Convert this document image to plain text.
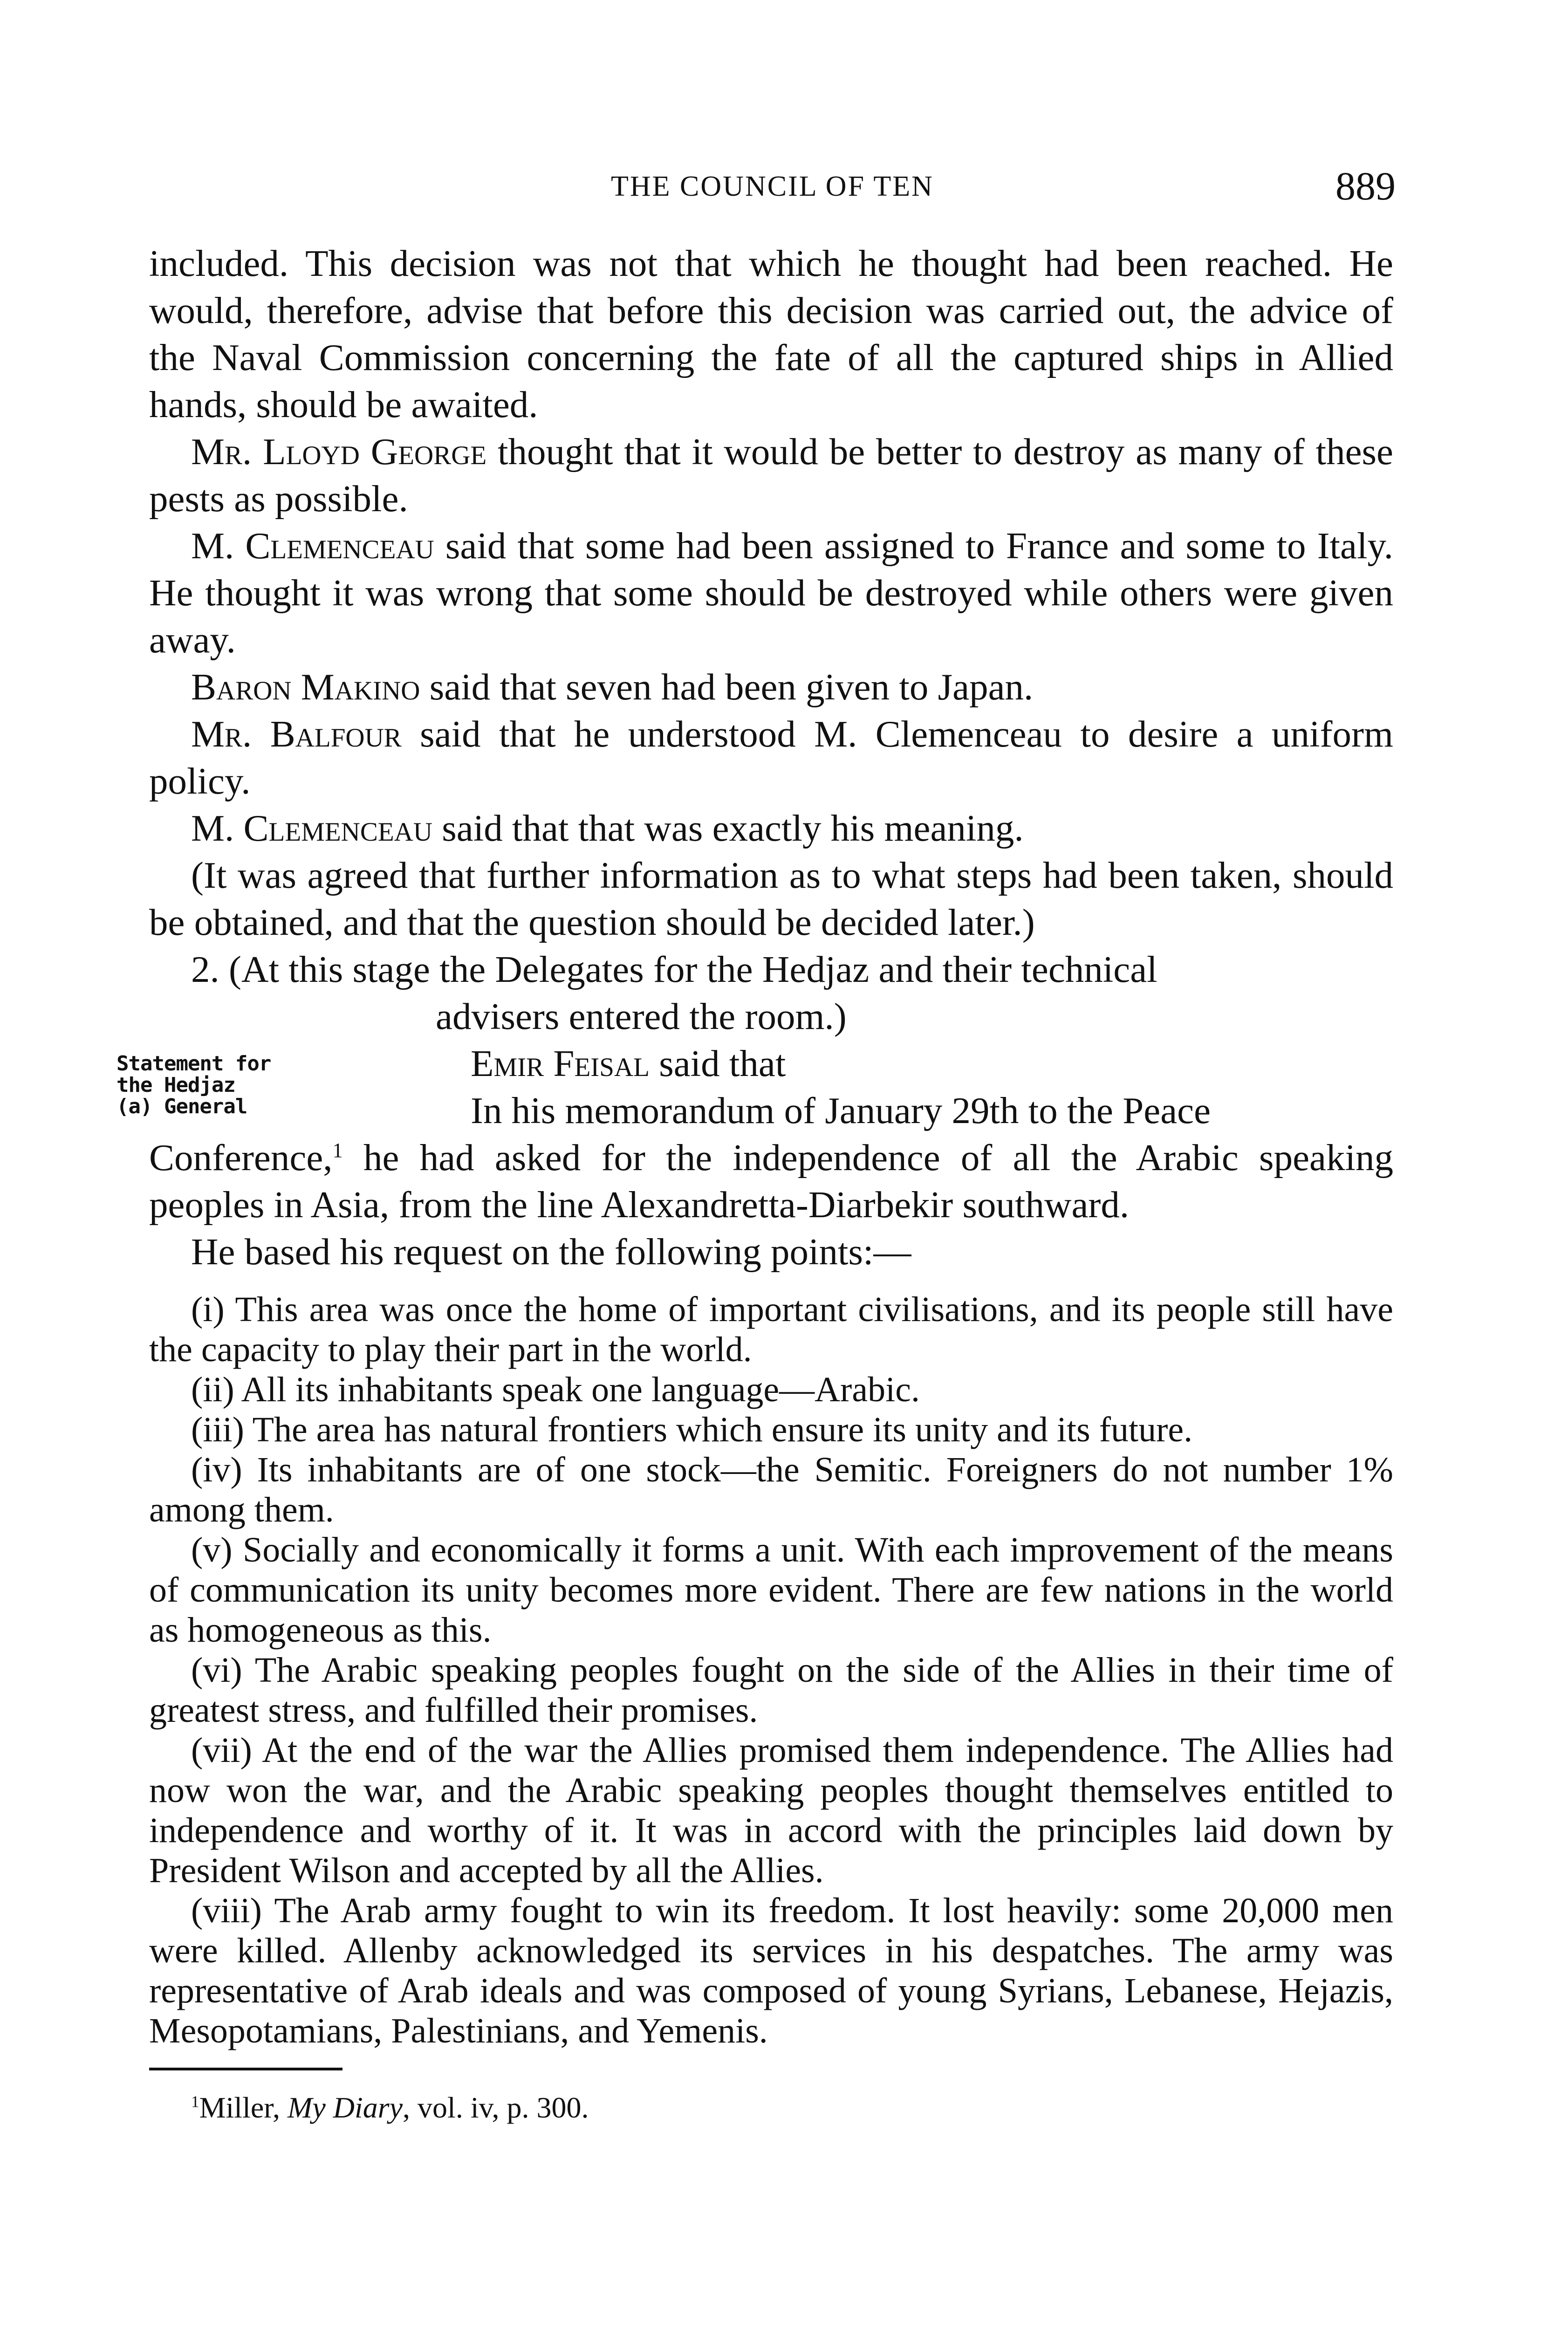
THE COUNCIL OF TEN	889

included. This decision was not that which he thought had been reached. He would, therefore, advise that before this decision was carried out, the advice of the Naval Commission concerning the fate of all the captured ships in Allied hands, should be awaited.

Mr. Lloyd George thought that it would be better to destroy as many of these pests as possible.

M. Clemenceau said that some had been assigned to France and some to Italy. He thought it was wrong that some should be destroyed while others were given away.

Baron Makino said that seven had been given to Japan.

Mr. Balfour said that he understood M. Clemenceau to desire a uniform policy.

M. Clemenceau said that that was exactly his meaning.

(It was agreed that further information as to what steps had been taken, should be obtained, and that the question should be decided later.)

2. (At this stage the Delegates for the Hedjaz and their technical
advisers entered the room.)
Statement for
the Hedjaz
(a) General

Emir Feisal said that

In his memorandum of January 29th to the Peace

Conference,$^1$ he had asked for the independence of all the Arabic speaking peoples in Asia, from the line Alexandretta-Diarbekir southward.

He based his request on the following points:—

(i) This area was once the home of important civilisations, and its people still have the capacity to play their part in the world.

(ii) All its inhabitants speak one language—Arabic.

(iii) The area has natural frontiers which ensure its unity and its future.

(iv) Its inhabitants are of one stock—the Semitic. Foreigners do not number 1% among them.

(v) Socially and economically it forms a unit. With each improvement of the means of communication its unity becomes more evident. There are few nations in the world as homogeneous as this.

(vi) The Arabic speaking peoples fought on the side of the Allies in their time of greatest stress, and fulfilled their promises.

(vii) At the end of the war the Allies promised them independence. The Allies had now won the war, and the Arabic speaking peoples thought themselves entitled to independence and worthy of it. It was in accord with the principles laid down by President Wilson and accepted by all the Allies.

(viii) The Arab army fought to win its freedom. It lost heavily: some 20,000 men were killed. Allenby acknowledged its services in his despatches. The army was representative of Arab ideals and was composed of young Syrians, Lebanese, Hejazis, Mesopotamians, Palestinians, and Yemenis.

$^1$Miller, My Diary, vol. iv, p. 300.
